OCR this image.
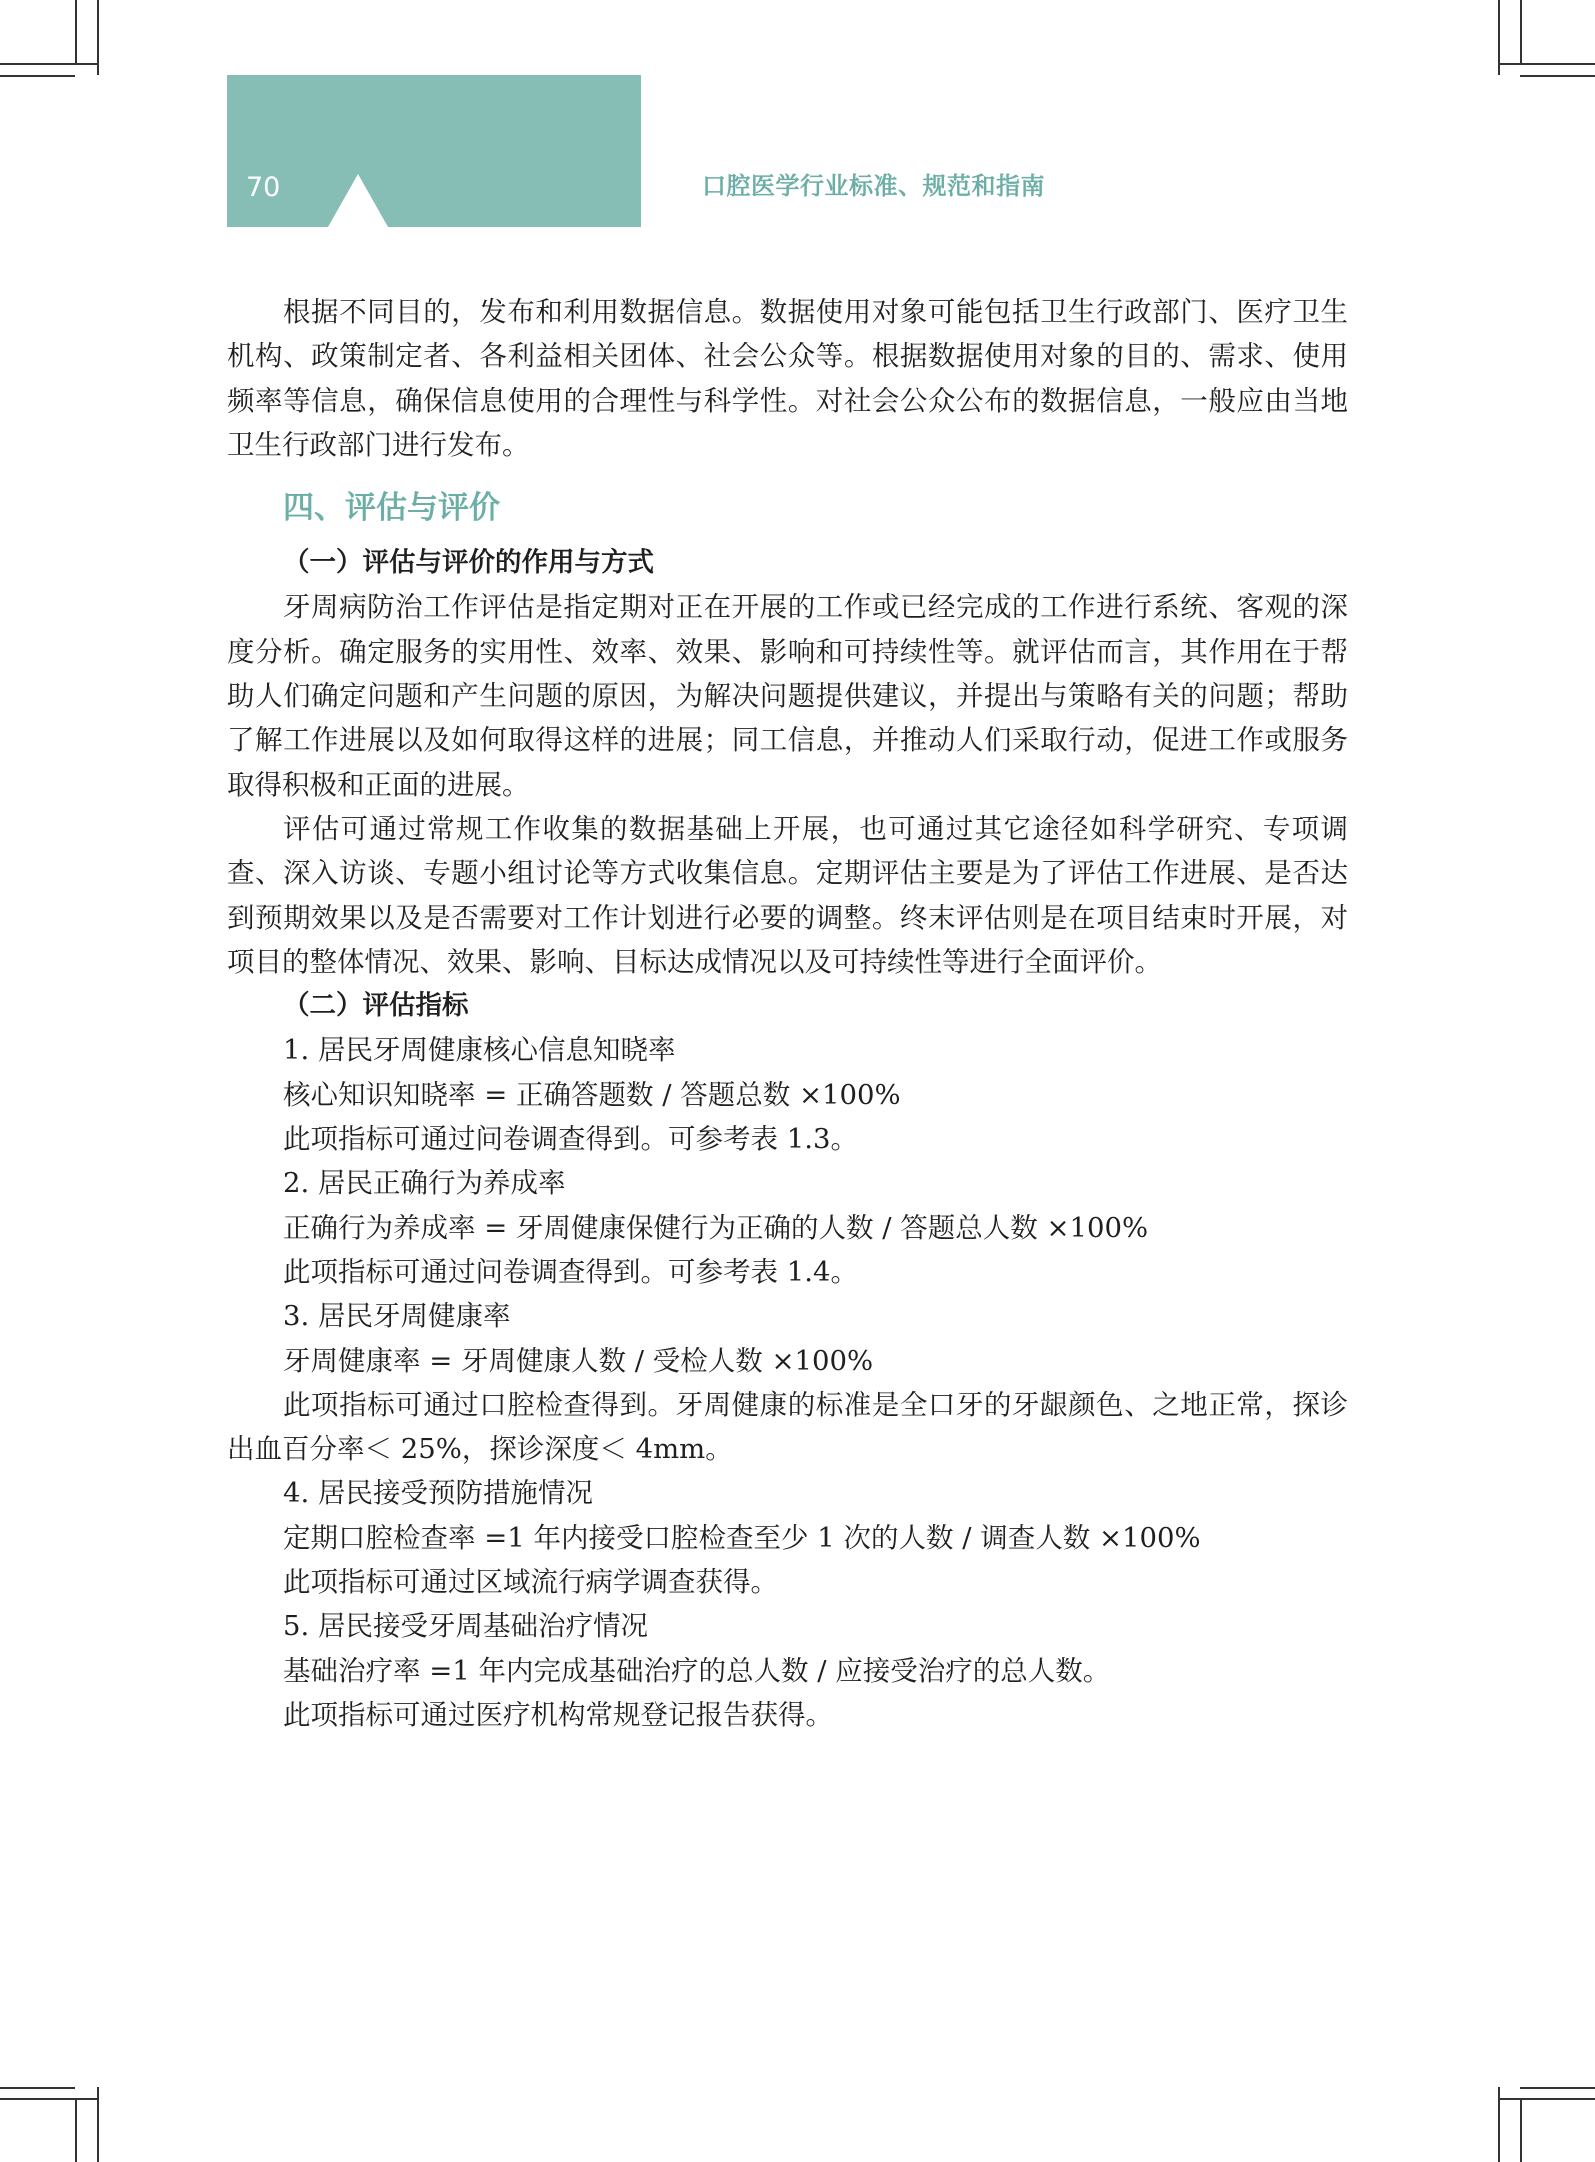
70	口腔医学行业标准、规范和指南

根据不同目的，发布和利用数据信息。数据使用对象可能包括卫生行政部门、医疗卫生机构、政策制定者、各利益相关团体、社会公众等。根据数据使用对象的目的、需求、使用频率等信息，确保信息使用的合理性与科学性。对社会公众公布的数据信息，一般应由当地卫生行政部门进行发布。

四、评估与评价
（一）评估与评价的作用与方式

牙周病防治工作评估是指定期对正在开展的工作或已经完成的工作进行系统、客观的深度分析。确定服务的实用性、效率、效果、影响和可持续性等。就评估而言，其作用在于帮助人们确定问题和产生问题的原因，为解决问题提供建议，并提出与策略有关的问题；帮助了解工作进展以及如何取得这样的进展；同工信息，并推动人们采取行动，促进工作或服务取得积极和正面的进展。

评估可通过常规工作收集的数据基础上开展，也可通过其它途径如科学研究、专项调查、深入访谈、专题小组讨论等方式收集信息。定期评估主要是为了评估工作进展、是否达到预期效果以及是否需要对工作计划进行必要的调整。终末评估则是在项目结束时开展，对项目的整体情况、效果、影响、目标达成情况以及可持续性等进行全面评价。

（二）评估指标
1. 居民牙周健康核心信息知晓率
核心知识知晓率 = 正确答题数 / 答题总数 ×100%
此项指标可通过问卷调查得到。可参考表 1.3。
2. 居民正确行为养成率
正确行为养成率 = 牙周健康保健行为正确的人数 / 答题总人数 ×100%
此项指标可通过问卷调查得到。可参考表 1.4。
3. 居民牙周健康率
牙周健康率 = 牙周健康人数 / 受检人数 ×100%

此项指标可通过口腔检查得到。牙周健康的标准是全口牙的牙龈颜色、之地正常，探诊出血百分率＜ 25%，探诊深度＜ 4mm。

4. 居民接受预防措施情况
定期口腔检查率 =1 年内接受口腔检查至少 1 次的人数 / 调查人数 ×100%
此项指标可通过区域流行病学调查获得。
5. 居民接受牙周基础治疗情况
基础治疗率 =1 年内完成基础治疗的总人数 / 应接受治疗的总人数。
此项指标可通过医疗机构常规登记报告获得。
